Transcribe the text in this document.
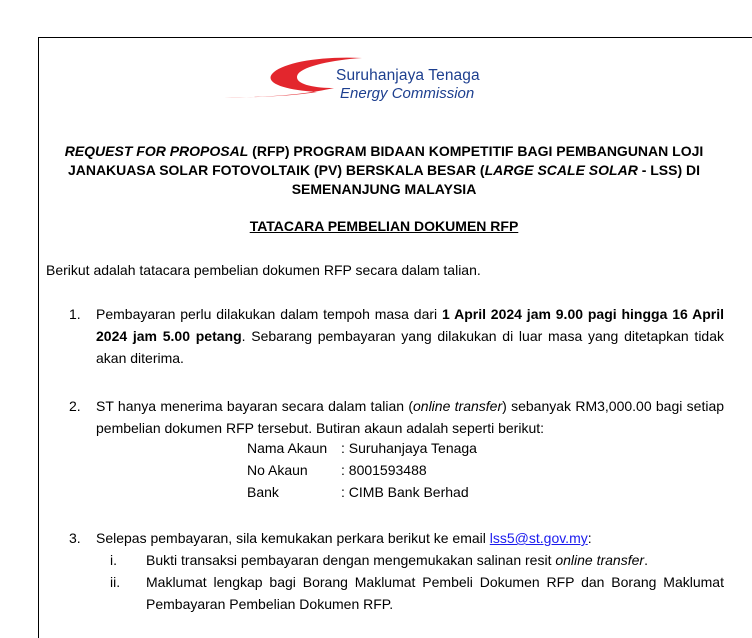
Suruhanjaya Tenaga
Energy Commission
REQUEST FOR PROPOSAL (RFP) PROGRAM BIDAAN KOMPETITIF BAGI PEMBANGUNAN LOJI JANAKUASA SOLAR FOTOVOLTAIK (PV) BERSKALA BESAR (LARGE SCALE SOLAR - LSS) DI SEMENANJUNG MALAYSIA
TATACARA PEMBELIAN DOKUMEN RFP
Berikut adalah tatacara pembelian dokumen RFP secara dalam talian.
1. Pembayaran perlu dilakukan dalam tempoh masa dari 1 April 2024 jam 9.00 pagi hingga 16 April 2024 jam 5.00 petang. Sebarang pembayaran yang dilakukan di luar masa yang ditetapkan tidak akan diterima.
2. ST hanya menerima bayaran secara dalam talian (online transfer) sebanyak RM3,000.00 bagi setiap pembelian dokumen RFP tersebut. Butiran akaun adalah seperti berikut:
Nama Akaun : Suruhanjaya Tenaga
No Akaun : 8001593488
Bank	: CIMB Bank Berhad
3. Selepas pembayaran, sila kemukakan perkara berikut ke email lss5@st.gov.my:
i. Bukti transaksi pembayaran dengan mengemukakan salinan resit online transfer.
ii. Maklumat lengkap bagi Borang Maklumat Pembeli Dokumen RFP dan Borang Maklumat Pembayaran Pembelian Dokumen RFP.
